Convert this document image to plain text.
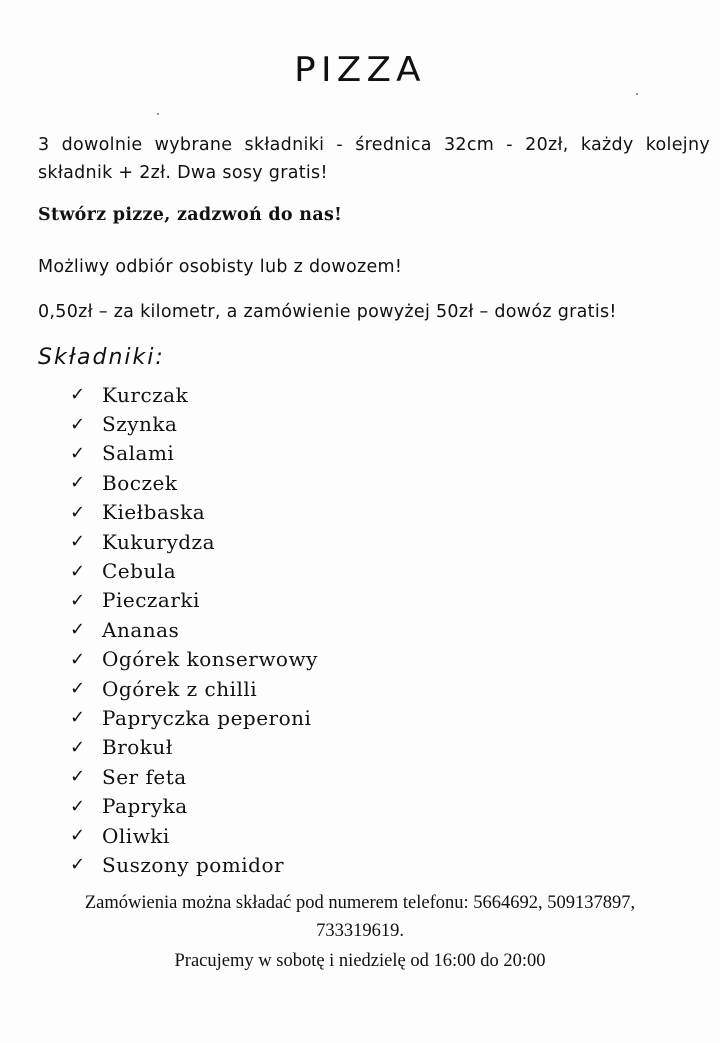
PIZZA
3 dowolnie wybrane składniki - średnica 32cm - 20zł, każdy kolejny składnik + 2zł. Dwa sosy gratis!
Stwórz pizze, zadzwoń do nas!
Możliwy odbiór osobisty lub z dowozem!
0,50zł – za kilometr, a zamówienie powyżej 50zł – dowóz gratis!
Składniki:
✓ Kurczak
✓ Szynka
✓ Salami
✓ Boczek
✓ Kiełbaska
✓ Kukurydza
✓ Cebula
✓ Pieczarki
✓ Ananas
✓ Ogórek konserwowy
✓ Ogórek z chilli
✓ Papryczka peperoni
✓ Brokuł
✓ Ser feta
✓ Papryka
✓ Oliwki
✓ Suszony pomidor
Zamówienia można składać pod numerem telefonu: 5664692, 509137897,
733319619.
Pracujemy w sobotę i niedzielę od 16:00 do 20:00
